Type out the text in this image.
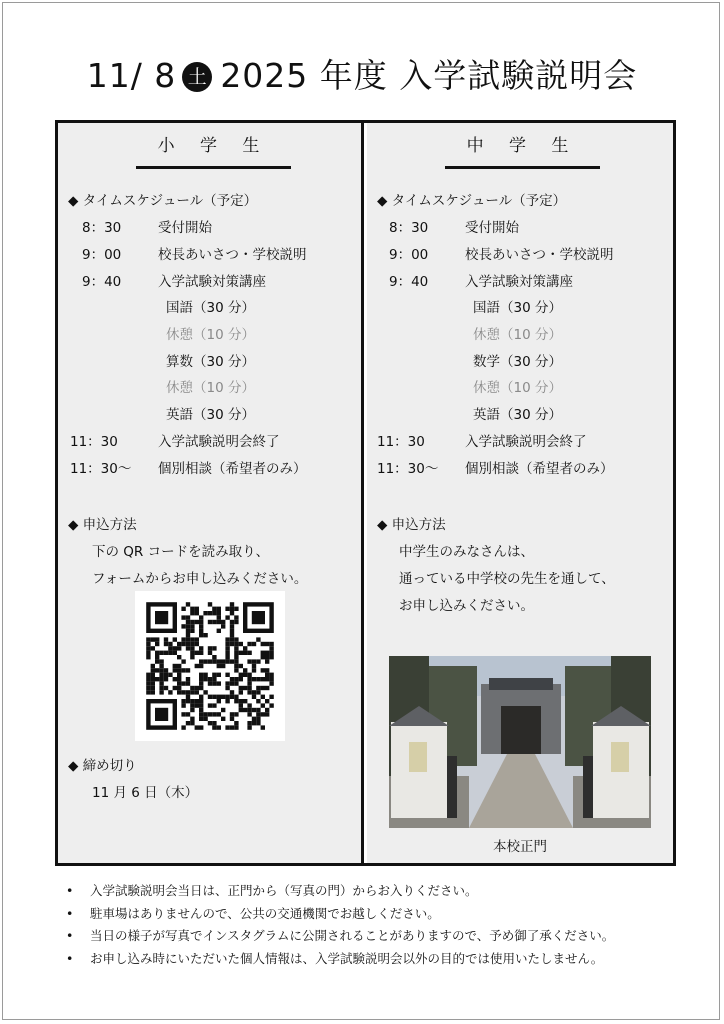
11/ 8 土 2025 年度 入学試験説明会
小 学 生
◆ タイムスケジュール（予定）
8：30	受付開始
9：00	校長あいさつ・学校説明
9：40	入学試験対策講座
国語（30 分）
休憩（10 分）
算数（30 分）
休憩（10 分）
英語（30 分）
11：30	入学試験説明会終了
11：30～ 個別相談（希望者のみ）
◆ 申込方法
下の QR コードを読み取り、
フォームからお申し込みください。
◆ 締め切り
11 月 6 日（木）
中 学 生
◆ タイムスケジュール（予定）
8：30	受付開始
9：00	校長あいさつ・学校説明
9：40	入学試験対策講座
国語（30 分）
休憩（10 分）
数学（30 分）
休憩（10 分）
英語（30 分）
11：30	入学試験説明会終了
11：30～ 個別相談（希望者のみ）
◆ 申込方法
中学生のみなさんは、
通っている中学校の先生を通して、
お申し込みください。
本校正門
• 入学試験説明会当日は、正門から（写真の門）からお入りください。
• 駐車場はありませんので、公共の交通機関でお越しください。
• 当日の様子が写真でインスタグラムに公開されることがありますので、予め御了承ください。
• お申し込み時にいただいた個人情報は、入学試験説明会以外の目的では使用いたしません。
